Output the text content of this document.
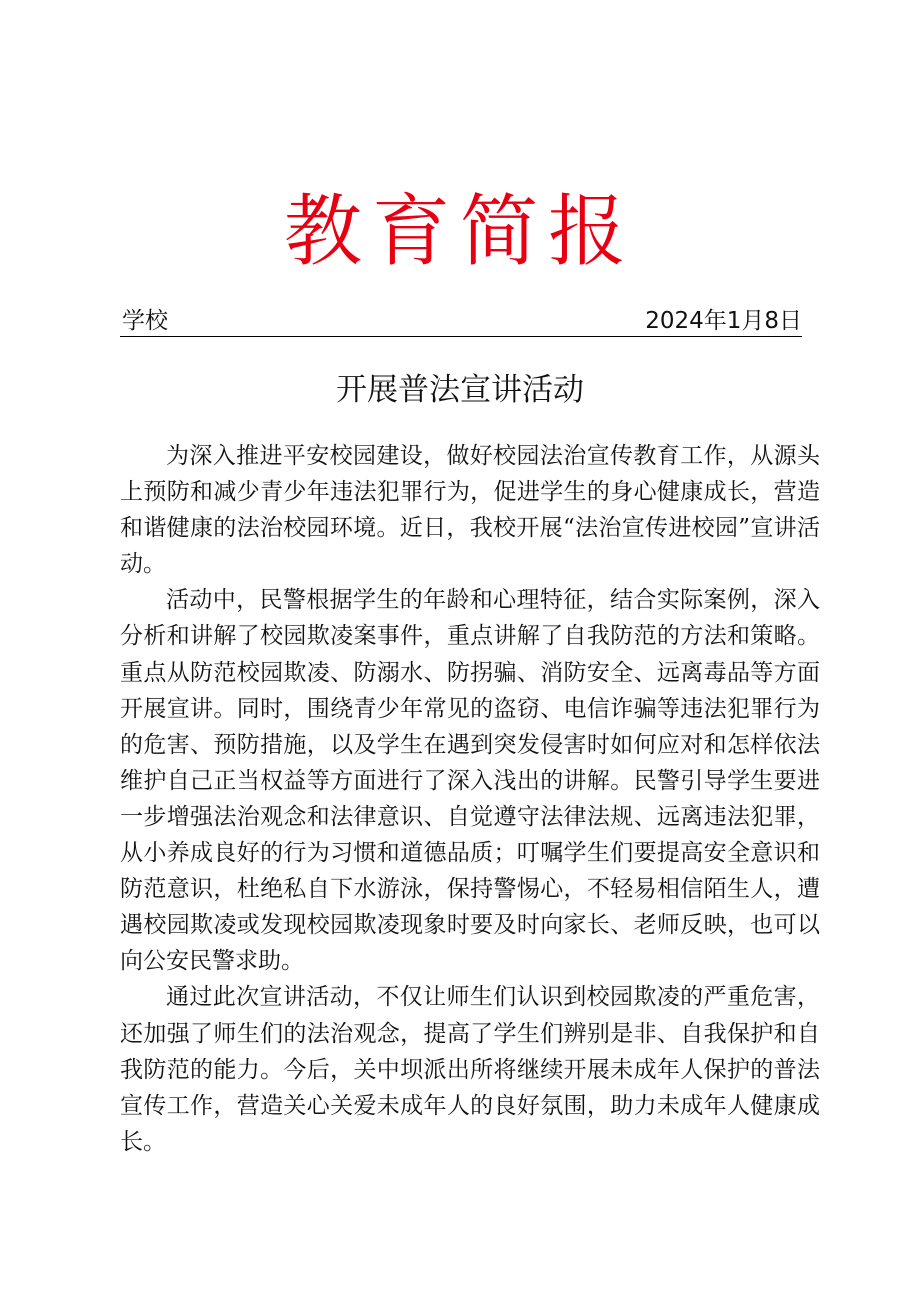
教育简报
学校	2024年1月8日
开展普法宣讲活动

为深入推进平安校园建设，做好校园法治宣传教育工作，从源头上预防和减少青少年违法犯罪行为，促进学生的身心健康成长，营造和谐健康的法治校园环境。近日，我校开展“法治宣传进校园”宣讲活动。

活动中，民警根据学生的年龄和心理特征，结合实际案例，深入分析和讲解了校园欺凌案事件，重点讲解了自我防范的方法和策略。重点从防范校园欺凌、防溺水、防拐骗、消防安全、远离毒品等方面开展宣讲。同时，围绕青少年常见的盗窃、电信诈骗等违法犯罪行为的危害、预防措施，以及学生在遇到突发侵害时如何应对和怎样依法维护自己正当权益等方面进行了深入浅出的讲解。民警引导学生要进一步增强法治观念和法律意识、自觉遵守法律法规、远离违法犯罪，从小养成良好的行为习惯和道德品质；叮嘱学生们要提高安全意识和防范意识，杜绝私自下水游泳，保持警惕心，不轻易相信陌生人，遭遇校园欺凌或发现校园欺凌现象时要及时向家长、老师反映，也可以向公安民警求助。

通过此次宣讲活动，不仅让师生们认识到校园欺凌的严重危害，还加强了师生们的法治观念，提高了学生们辨别是非、自我保护和自我防范的能力。今后，关中坝派出所将继续开展未成年人保护的普法宣传工作，营造关心关爱未成年人的良好氛围，助力未成年人健康成长。
